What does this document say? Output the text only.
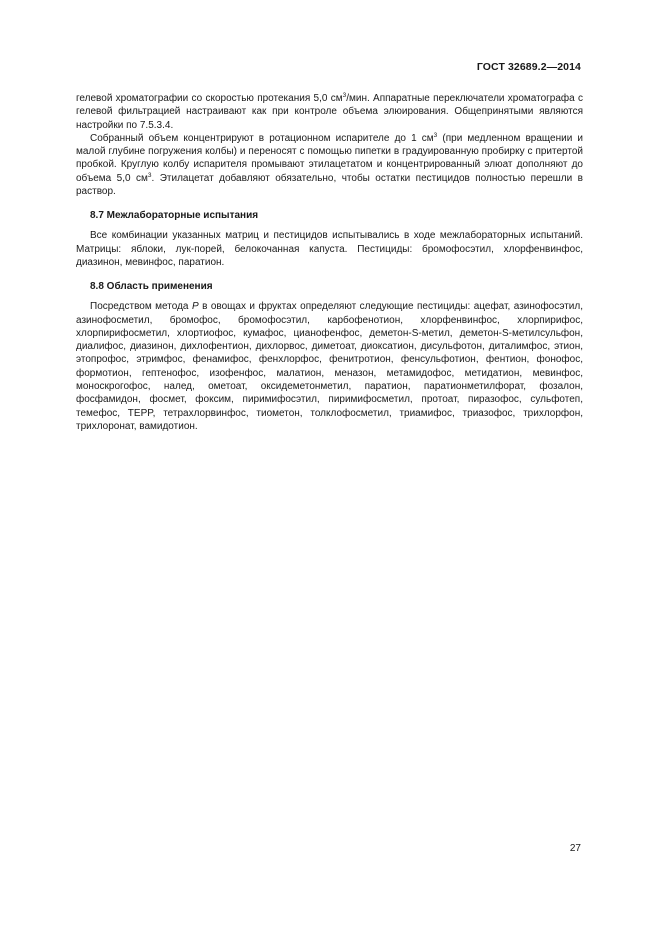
ГОСТ 32689.2—2014

гелевой хроматографии со скоростью протекания 5,0 $см^3$/мин. Аппаратные переключатели хроматографа с гелевой фильтрацией настраивают как при контроле объема элюирования. Общепринятыми являются настройки по 7.5.3.4.

Собранный объем концентрируют в ротационном испарителе до 1 $см^3$ (при медленном вращении и малой глубине погружения колбы) и переносят с помощью пипетки в градуированную пробирку с притертой пробкой. Круглую колбу испарителя промывают этилацетатом и концентрированный элюат дополняют до объема 5,0 $см^3$. Этилацетат добавляют обязательно, чтобы остатки пестицидов полностью перешли в раствор.

8.7 Межлабораторные испытания

Все комбинации указанных матриц и пестицидов испытывались в ходе межлабораторных испытаний. Матрицы: яблоки, лук-порей, белокочанная капуста. Пестициды: бромофосэтил, хлорфенвинфос, диазинон, мевинфос, паратион.

8.8 Область применения

Посредством метода P в овощах и фруктах определяют следующие пестициды: ацефат, азинофосэтил, азинофосметил, бромофос, бромофосэтил, карбофенотион, хлорфенвинфос, хлорпирифос, хлорпирифосметил, хлортиофос, кумафос, цианофенфос, деметон-S-метил, деметон-S-метилсульфон, диалифос, диазинон, дихлофентион, дихлорвос, диметоат, диоксатион, дисульфотон, диталимфос, этион, этопрофос, этримфос, фенамифос, фенхлорфос, фенитротион, фенсульфотион, фентион, фонофос, формотион, гептенофос, изофенфос, малатион, меназон, метамидофос, метидатион, мевинфос, монoскрогофос, налед, ометоат, оксидеметонметил, паратион, паратионметилфорат, фозалон, фосфамидон, фосмет, фоксим, пиримифосэтил, пиримифосметил, протоат, пиразофос, сульфотеп, темефос, TEPP, тетрахлорвинфос, тиометон, толклофосметил, триамифос, триазофос, трихлорфон, трихлоронат, вамидотион.

27
